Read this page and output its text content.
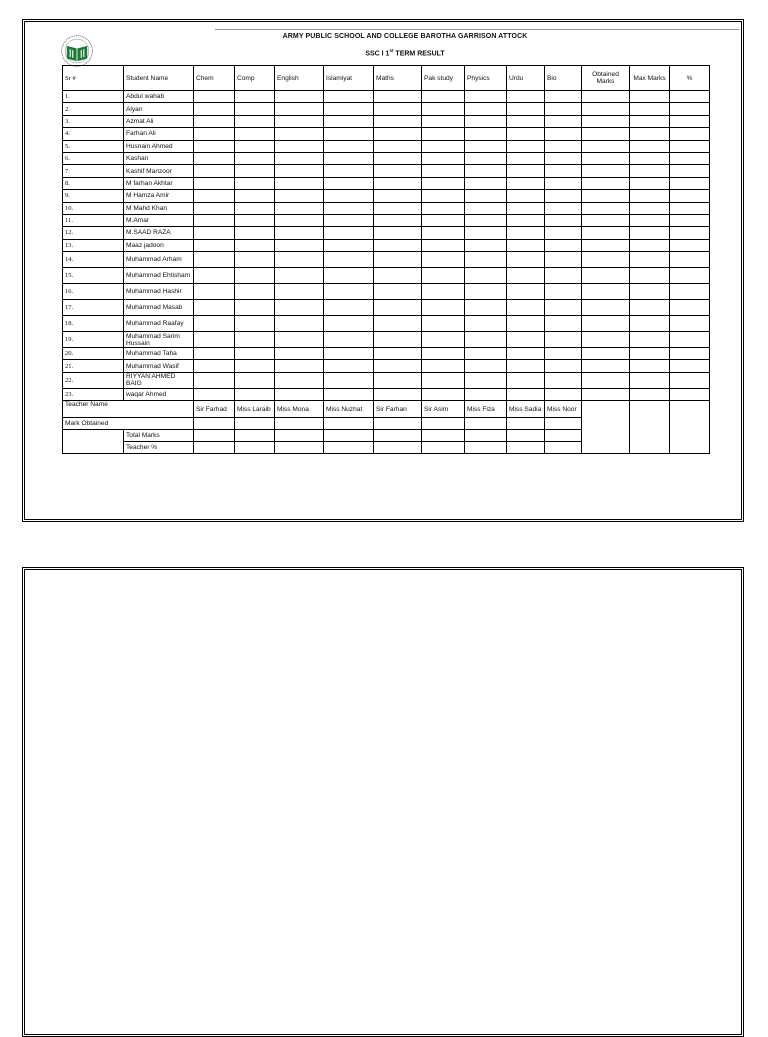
ARMY PUBLIC SCHOOL AND COLLEGE BAROTHA GARRISON ATTOCK
SSC I 1st TERM RESULT
Sr #	Student Name	Chem	Comp	English	Islamiyat	Maths	Pak study	Physics	Urdu	Bio	Obtained Marks	Max Marks	%
1.	Abdul wahab												
2.	Alyan												
3.	Azmat Ali												
4.	Farhan Ali												
5.	Husnain Ahmed												
6.	Kashan												
7.	Kashif Manzoor												
8.	M farhan Akhtar												
9.	M Hamza Amir												
10.	M Mahd Khan												
11.	M.Amar												
12.	M.SAAD RAZA												
13.	Maaz jadoon												
14.	Muhammad Arham												
15.	Muhammad Ehtisham												
16.	Muhammad Hashir												
17.	Muhammad Masab												
18.	Muhammad Raafay												
19.	Muhammad Sarim Hussain												
20.	Muhammad Taha												
21.	Muhammad Wasif												
22.	RIYYAN AHMED BAIG												
23.	waqar Ahmed												
Teacher Name		Sir Farhad	Miss Laraib	Miss Mona	Miss Nuzhat	Sir Farhan	Sir Asim	Miss Fiza	Miss Sadia	Miss Noor			
Mark Obtained													
	Total Marks												
	Teacher %												
